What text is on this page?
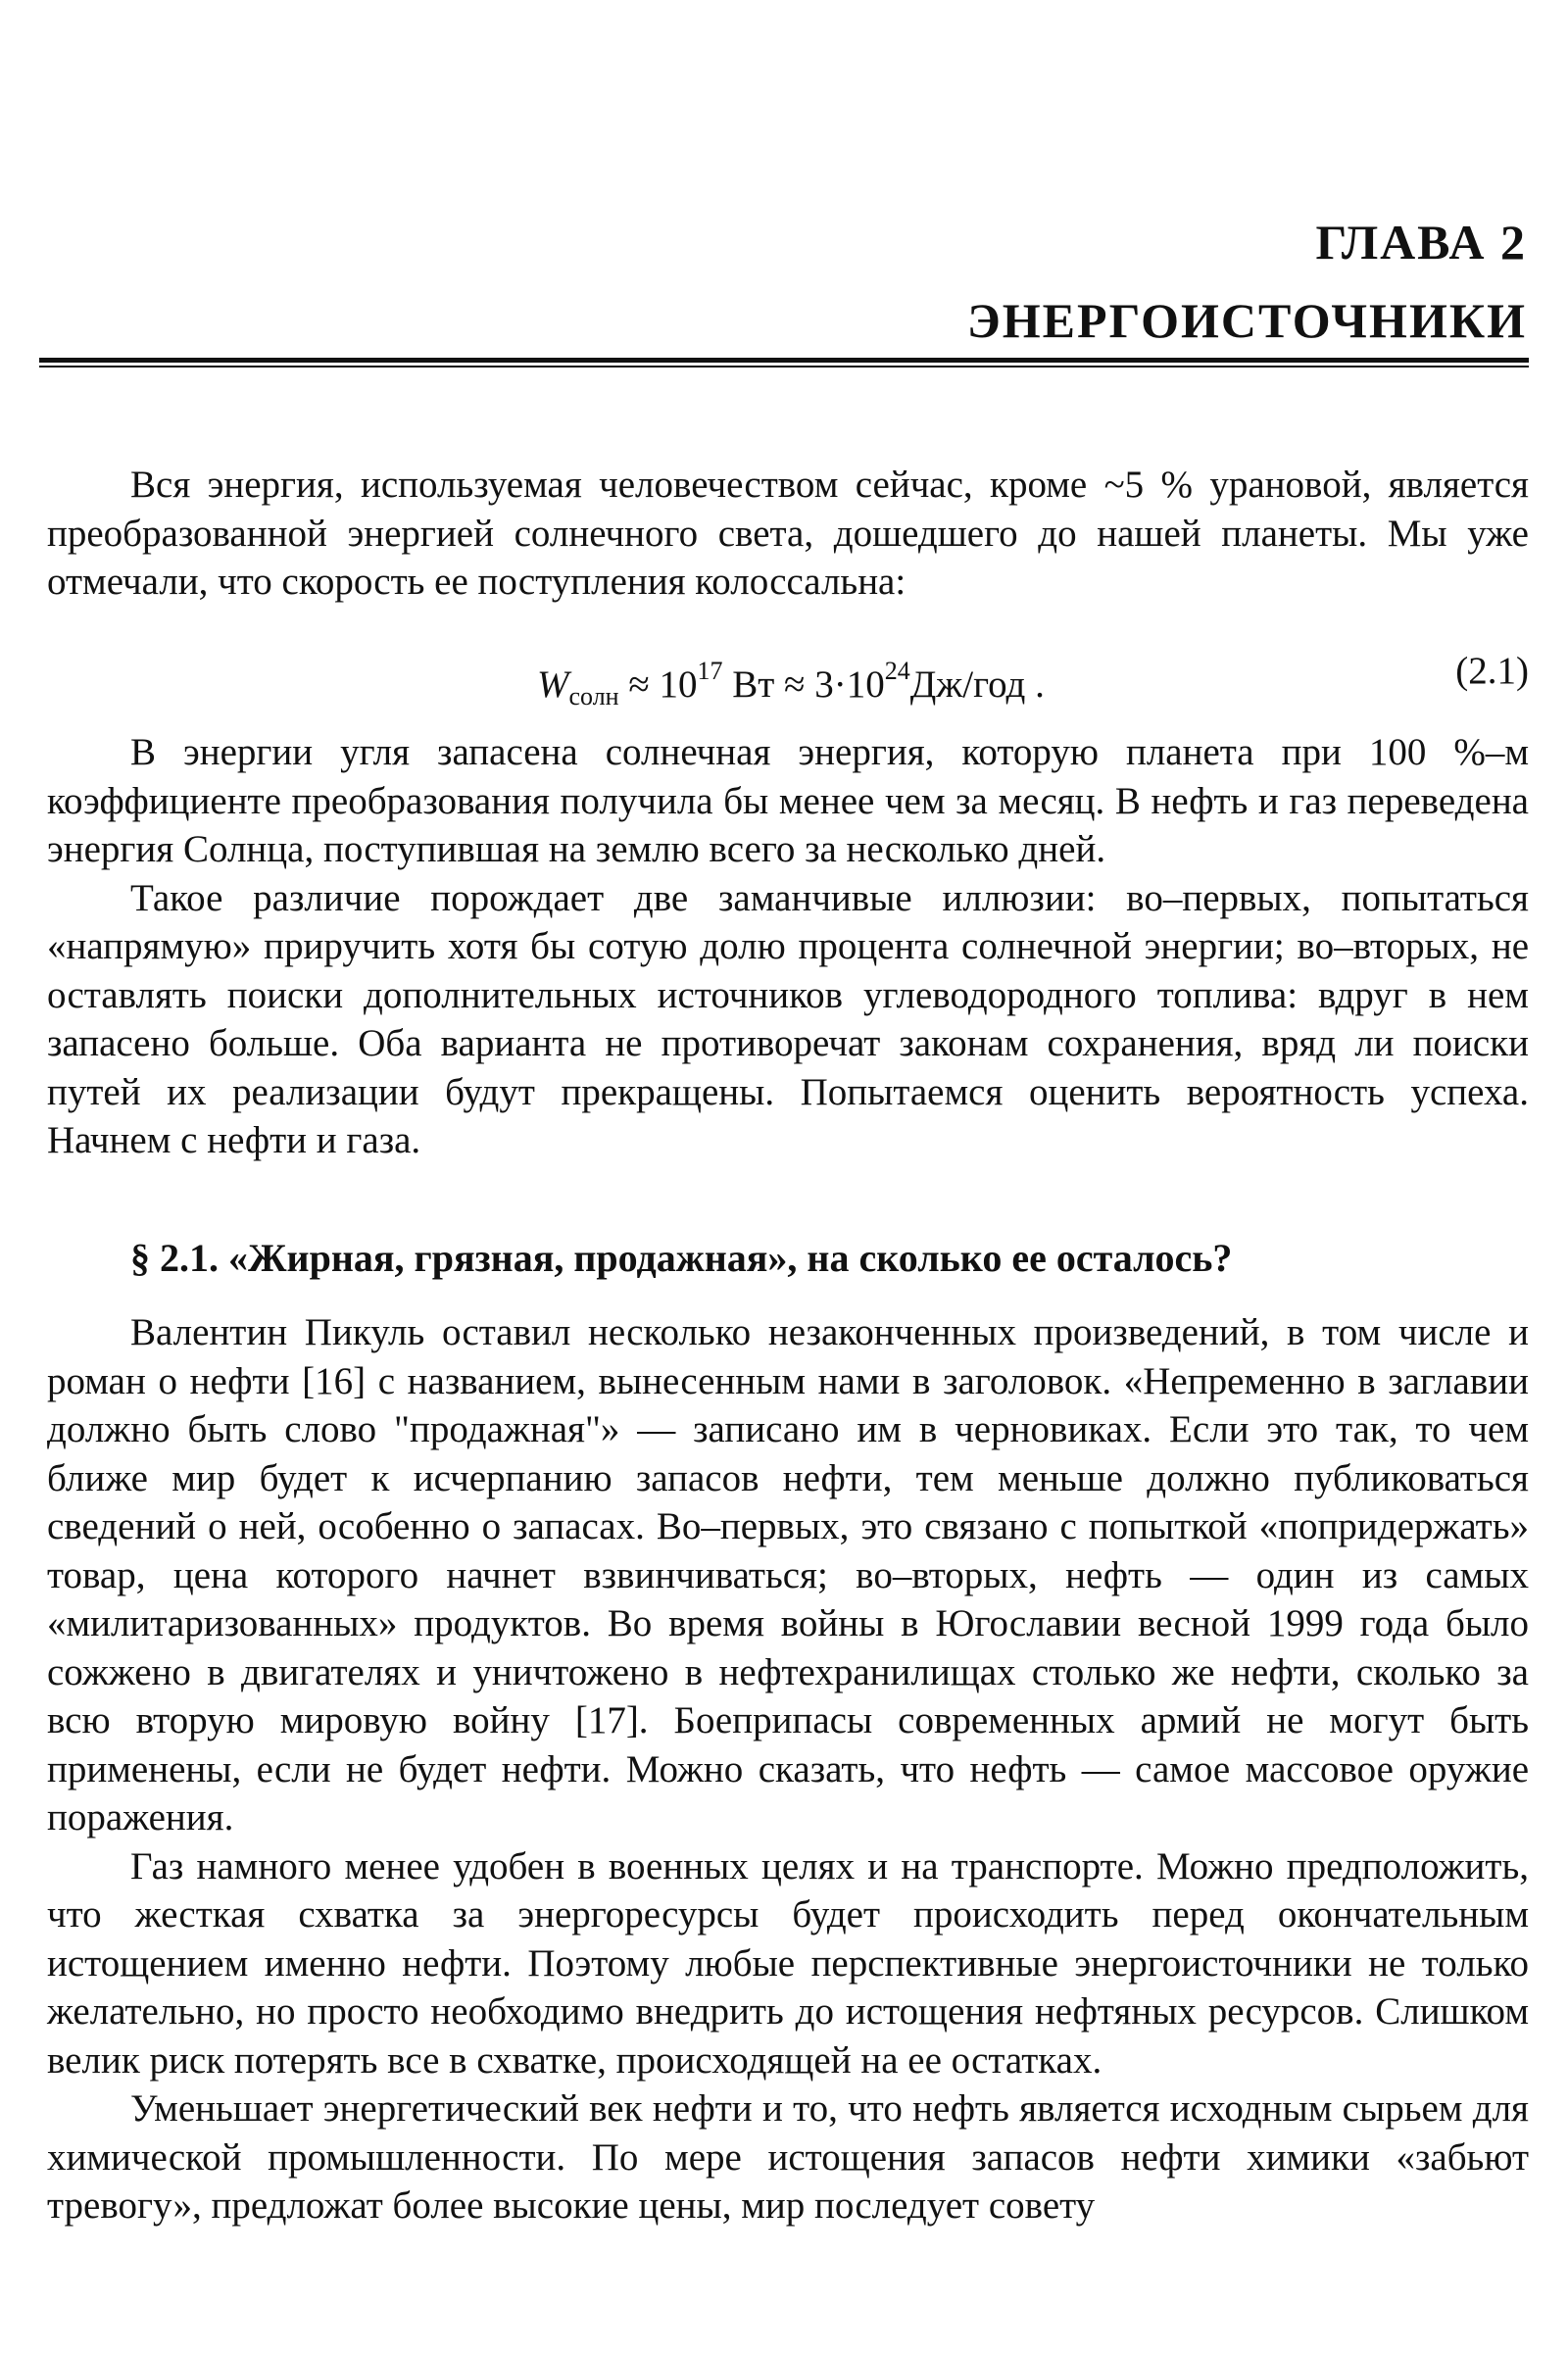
ГЛАВА 2
ЭНЕРГОИСТОЧНИКИ

Вся энергия, используемая человечеством сейчас, кроме ~5 % урановой, является преобразованной энергией солнечного света, дошедшего до нашей планеты. Мы уже отмечали, что скорость ее поступления колоссальна:

$W_{солн} \approx 10^{17}$ Вт ≈ $3\cdot 10^{24}Дж$/год .	(2.1)

В энергии угля запасена солнечная энергия, которую планета при 100 %–м коэффициенте преобразования получила бы менее чем за месяц. В нефть и газ переведена энергия Солнца, поступившая на землю всего за несколько дней.

Такое различие порождает две заманчивые иллюзии: во–первых, попытаться «напрямую» приручить хотя бы сотую долю процента солнечной энергии; во–вторых, не оставлять поиски дополнительных источников углеводородного топлива: вдруг в нем запасено больше. Оба варианта не противоречат законам сохранения, вряд ли поиски путей их реализации будут прекращены. Попытаемся оценить вероятность успеха. Начнем с нефти и газа.

§ 2.1. «Жирная, грязная, продажная», на сколько ее осталось?

Валентин Пикуль оставил несколько незаконченных произведений, в том числе и роман о нефти [16] с названием, вынесенным нами в заголовок. «Непременно в заглавии должно быть слово "продажная"» — записано им в черновиках. Если это так, то чем ближе мир будет к исчерпанию запасов нефти, тем меньше должно публиковаться сведений о ней, особенно о запасах. Во–первых, это связано с попыткой «попридержать» товар, цена которого начнет взвинчиваться; во–вторых, нефть — один из самых «милитаризованных» продуктов. Во время войны в Югославии весной 1999 года было сожжено в двигателях и уничтожено в нефтехранилищах столько же нефти, сколько за всю вторую мировую войну [17]. Боеприпасы современных армий не могут быть применены, если не будет нефти. Можно сказать, что нефть — самое массовое оружие поражения.

Газ намного менее удобен в военных целях и на транспорте. Можно предположить, что жесткая схватка за энергоресурсы будет происходить перед окончательным истощением именно нефти. Поэтому любые перспективные энергоисточники не только желательно, но просто необходимо внедрить до истощения нефтяных ресурсов. Слишком велик риск потерять все в схватке, происходящей на ее остатках.

Уменьшает энергетический век нефти и то, что нефть является исходным сырьем для химической промышленности. По мере истощения запасов нефти химики «забьют тревогу», предложат более высокие цены, мир последует совету
